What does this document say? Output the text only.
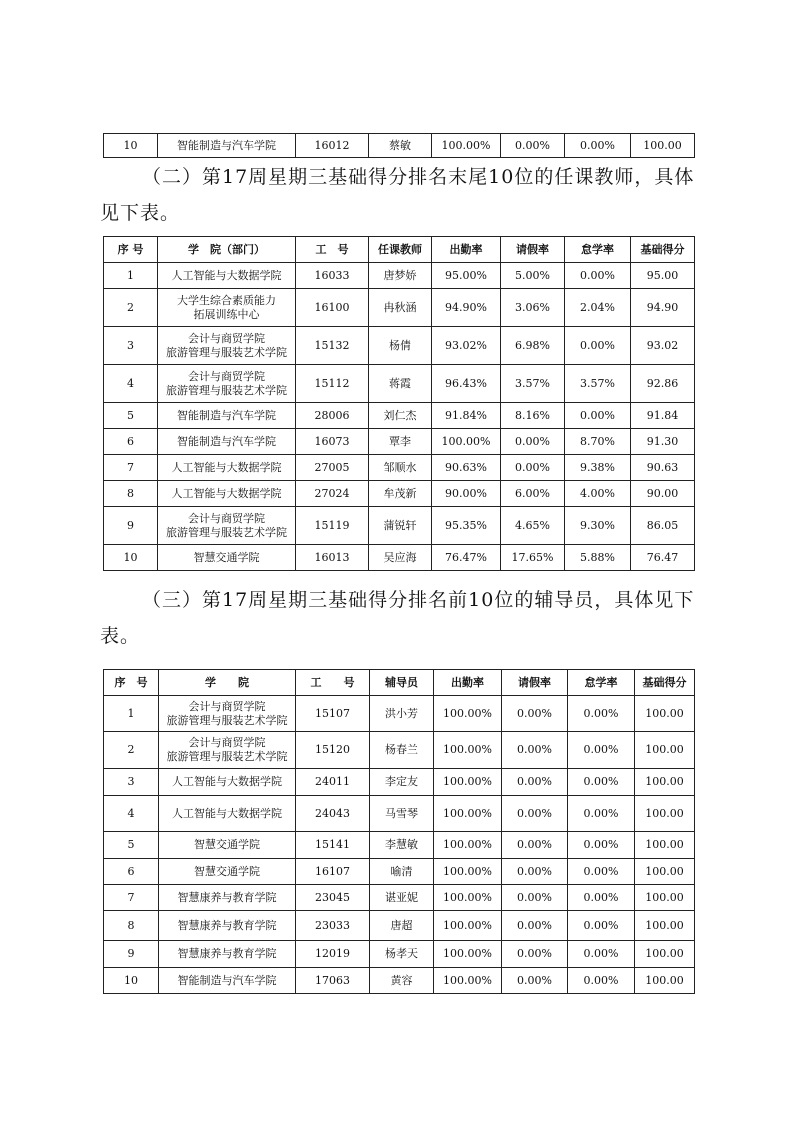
10	智能制造与汽车学院	16012	蔡敏	100.00%	0.00%	0.00%	100.00

（二）第17周星期三基础得分排名末尾10位的任课教师，具体见下表。

序 号	学　院（部门）	工　号	任课教师	出勤率	请假率	怠学率	基础得分
1	人工智能与大数据学院	16033	唐梦娇	95.00%	5.00%	0.00%	95.00
2	大学生综合素质能力
拓展训练中心	16100	冉秋涵	94.90%	3.06%	2.04%	94.90
3	会计与商贸学院
旅游管理与服装艺术学院	15132	杨倩	93.02%	6.98%	0.00%	93.02
4	会计与商贸学院
旅游管理与服装艺术学院	15112	蒋霞	96.43%	3.57%	3.57%	92.86
5	智能制造与汽车学院	28006	刘仁杰	91.84%	8.16%	0.00%	91.84
6	智能制造与汽车学院	16073	覃李	100.00%	0.00%	8.70%	91.30
7	人工智能与大数据学院	27005	邹顺水	90.63%	0.00%	9.38%	90.63
8	人工智能与大数据学院	27024	牟茂新	90.00%	6.00%	4.00%	90.00
9	会计与商贸学院
旅游管理与服装艺术学院	15119	蒲锐轩	95.35%	4.65%	9.30%	86.05
10	智慧交通学院	16013	吴应海	76.47%	17.65%	5.88%	76.47

（三）第17周星期三基础得分排名前10位的辅导员，具体见下表。

序　号	学　　院	工　　号	辅导员	出勤率	请假率	怠学率	基础得分
1	会计与商贸学院
旅游管理与服装艺术学院	15107	洪小芳	100.00%	0.00%	0.00%	100.00
2	会计与商贸学院
旅游管理与服装艺术学院	15120	杨春兰	100.00%	0.00%	0.00%	100.00
3	人工智能与大数据学院	24011	李定友	100.00%	0.00%	0.00%	100.00
4	人工智能与大数据学院	24043	马雪琴	100.00%	0.00%	0.00%	100.00
5	智慧交通学院	15141	李慧敏	100.00%	0.00%	0.00%	100.00
6	智慧交通学院	16107	喻清	100.00%	0.00%	0.00%	100.00
7	智慧康养与教育学院	23045	谌亚妮	100.00%	0.00%	0.00%	100.00
8	智慧康养与教育学院	23033	唐超	100.00%	0.00%	0.00%	100.00
9	智慧康养与教育学院	12019	杨孝天	100.00%	0.00%	0.00%	100.00
10	智能制造与汽车学院	17063	黄容	100.00%	0.00%	0.00%	100.00
